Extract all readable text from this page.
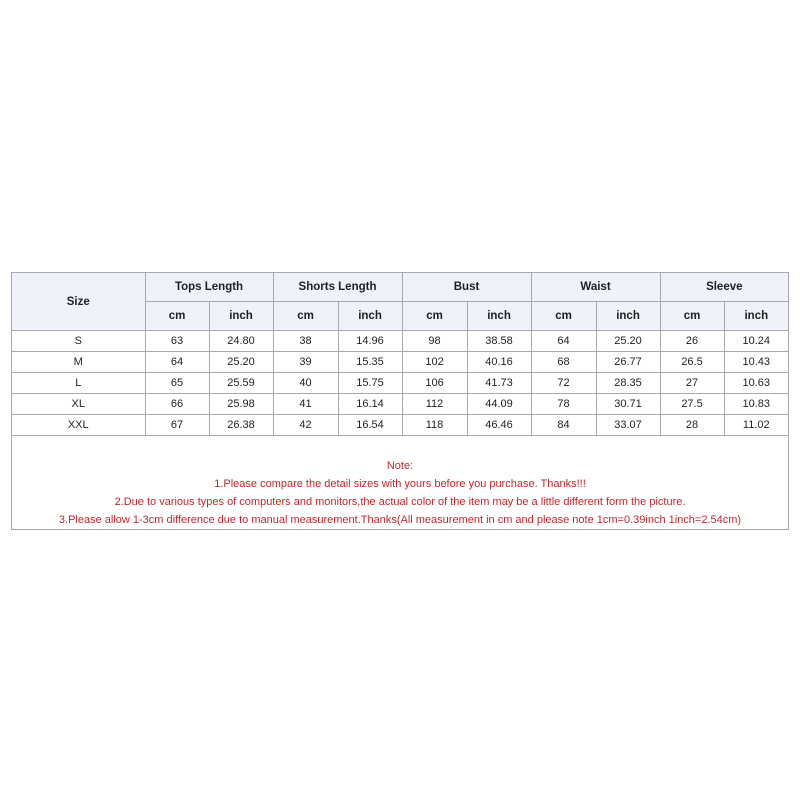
Size	Tops Length		Shorts Length		Bust		Waist		Sleeve	
	cm	inch	cm	inch	cm	inch	cm	inch	cm	inch
S	63	24.80	38	14.96	98	38.58	64	25.20	26	10.24
M	64	25.20	39	15.35	102	40.16	68	26.77	26.5	10.43
L	65	25.59	40	15.75	106	41.73	72	28.35	27	10.63
XL	66	25.98	41	16.14	112	44.09	78	30.71	27.5	10.83
XXL	67	26.38	42	16.54	118	46.46	84	33.07	28	11.02
Note:
1.Please compare the detail sizes with yours before you purchase. Thanks!!!
2.Due to various types of computers and monitors,the actual color of the item may be a little different form the picture.
3.Please allow 1-3cm difference due to manual measurement.Thanks(All measurement in cm and please note 1cm=0.39inch 1inch=2.54cm)
